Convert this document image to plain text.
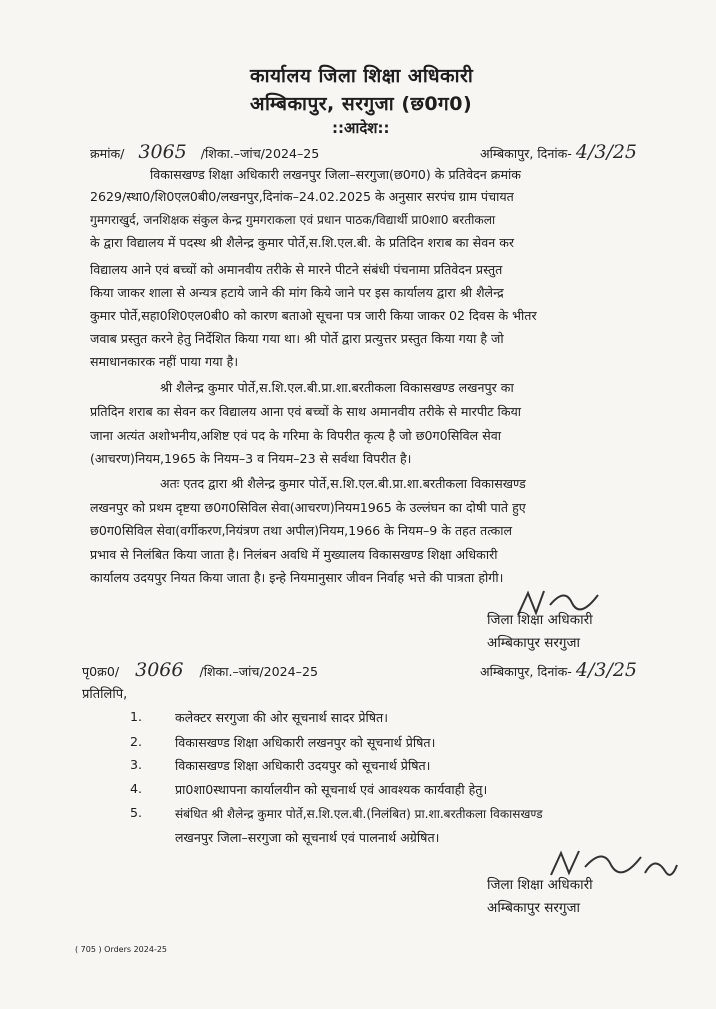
कार्यालय जिला शिक्षा अधिकारी
अम्बिकापुर, सरगुजा (छ0ग0)
::आदेश::
क्रमांक/ 3065 /शिका.–जांच/2024–25	अम्बिकापुर, दिनांक- 4/3/25
विकासखण्ड शिक्षा अधिकारी लखनपुर जिला–सरगुजा(छ0ग0) के प्रतिवेदन क्रमांक
2629/स्था0/शि0एल0बी0/लखनपुर,दिनांक–24.02.2025 के अनुसार सरपंच ग्राम पंचायत
गुमगराखुर्द, जनशिक्षक संकुल केन्द्र गुमगराकला एवं प्रधान पाठक/विद्यार्थी प्रा0शा0 बरतीकला
के द्वारा विद्यालय में पदस्थ श्री शैलेन्द्र कुमार पोर्ते,स.शि.एल.बी. के प्रतिदिन शराब का सेवन कर
विद्यालय आने एवं बच्चों को अमानवीय तरीके से मारने पीटने संबंधी पंचनामा प्रतिवेदन प्रस्तुत
किया जाकर शाला से अन्यत्र हटाये जाने की मांग किये जाने पर इस कार्यालय द्वारा श्री शैलेन्द्र
कुमार पोर्ते,सहा0शि0एल0बी0 को कारण बताओ सूचना पत्र जारी किया जाकर 02 दिवस के भीतर
जवाब प्रस्तुत करने हेतु निर्देशित किया गया था। श्री पोर्ते द्वारा प्रत्युत्तर प्रस्तुत किया गया है जो
समाधानकारक नहीं पाया गया है।
श्री शैलेन्द्र कुमार पोर्ते,स.शि.एल.बी.प्रा.शा.बरतीकला विकासखण्ड लखनपुर का
प्रतिदिन शराब का सेवन कर विद्यालय आना एवं बच्चों के साथ अमानवीय तरीके से मारपीट किया
जाना अत्यंत अशोभनीय,अशिष्ट एवं पद के गरिमा के विपरीत कृत्य है जो छ0ग0सिविल सेवा
(आचरण)नियम,1965 के नियम–3 व नियम–23 से सर्वथा विपरीत है।
अतः एतद द्वारा श्री शैलेन्द्र कुमार पोर्ते,स.शि.एल.बी.प्रा.शा.बरतीकला विकासखण्ड
लखनपुर को प्रथम दृष्टया छ0ग0सिविल सेवा(आचरण)नियम1965 के उल्लंघन का दोषी पाते हुए
छ0ग0सिविल सेवा(वर्गीकरण,नियंत्रण तथा अपील)नियम,1966 के नियम–9 के तहत तत्काल
प्रभाव से निलंबित किया जाता है। निलंबन अवधि में मुख्यालय विकासखण्ड शिक्षा अधिकारी
कार्यालय उदयपुर नियत किया जाता है। इन्हे नियमानुसार जीवन निर्वाह भत्ते की पात्रता होगी।
जिला शिक्षा अधिकारी
अम्बिकापुर सरगुजा
पृ0क्र0/ 3066 /शिका.–जांच/2024–25	अम्बिकापुर, दिनांक- 4/3/25
प्रतिलिपि,
1.	कलेक्टर सरगुजा की ओर सूचनार्थ सादर प्रेषित।
2.	विकासखण्ड शिक्षा अधिकारी लखनपुर को सूचनार्थ प्रेषित।
3.	विकासखण्ड शिक्षा अधिकारी उदयपुर को सूचनार्थ प्रेषित।
4.	प्रा0शा0स्थापना कार्यालयीन को सूचनार्थ एवं आवश्यक कार्यवाही हेतु।
5.	संबंधित श्री शैलेन्द्र कुमार पोर्ते,स.शि.एल.बी.(निलंबित) प्रा.शा.बरतीकला विकासखण्ड
लखनपुर जिला–सरगुजा को सूचनार्थ एवं पालनार्थ अग्रेषित।
जिला शिक्षा अधिकारी
अम्बिकापुर सरगुजा
( 705 ) Orders 2024-25
